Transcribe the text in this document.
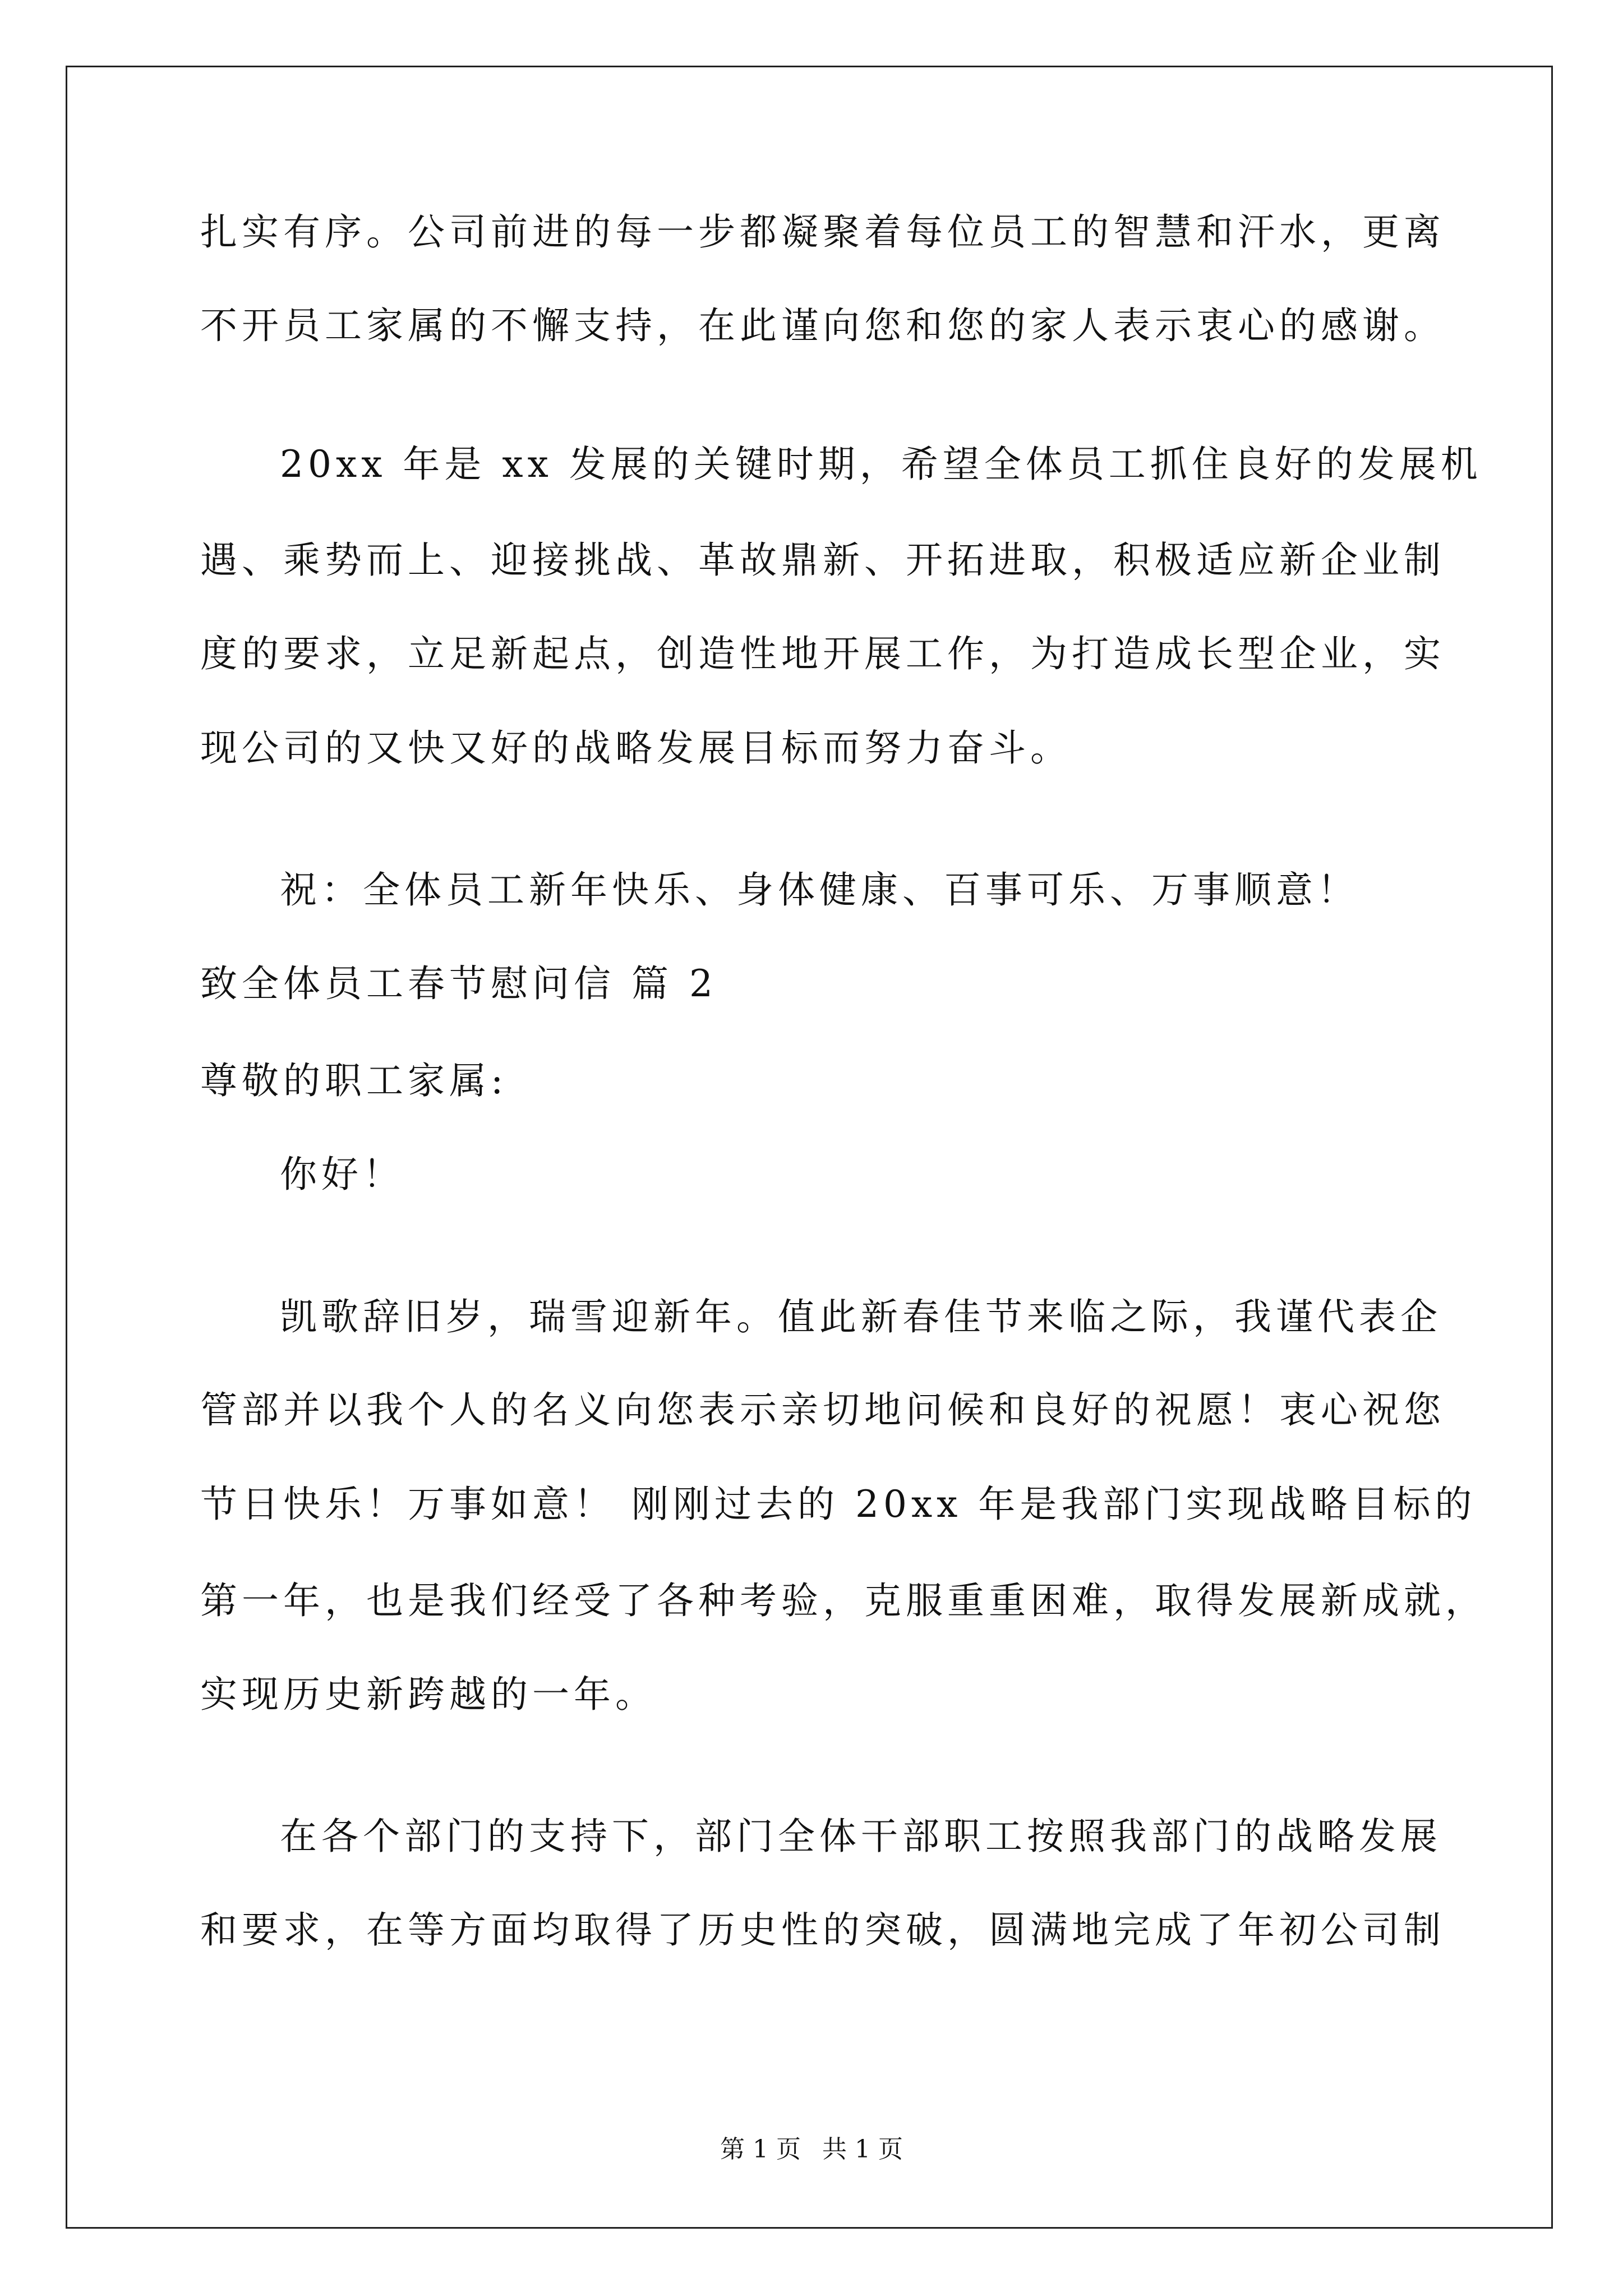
扎实有序。公司前进的每一步都凝聚着每位员工的智慧和汗水，更离
不开员工家属的不懈支持，在此谨向您和您的家人表示衷心的感谢。
20xx 年是 xx 发展的关键时期，希望全体员工抓住良好的发展机
遇、乘势而上、迎接挑战、革故鼎新、开拓进取，积极适应新企业制
度的要求，立足新起点，创造性地开展工作，为打造成长型企业，实
现公司的又快又好的战略发展目标而努力奋斗。
祝：全体员工新年快乐、身体健康、百事可乐、万事顺意！
致全体员工春节慰问信 篇 2
尊敬的职工家属:
你好！
凯歌辞旧岁，瑞雪迎新年。值此新春佳节来临之际，我谨代表企
管部并以我个人的名义向您表示亲切地问候和良好的祝愿！衷心祝您
节日快乐！万事如意！ 刚刚过去的 20xx 年是我部门实现战略目标的
第一年，也是我们经受了各种考验，克服重重困难，取得发展新成就，
实现历史新跨越的一年。
在各个部门的支持下，部门全体干部职工按照我部门的战略发展
和要求，在等方面均取得了历史性的突破，圆满地完成了年初公司制
第 1 页 共 1 页
